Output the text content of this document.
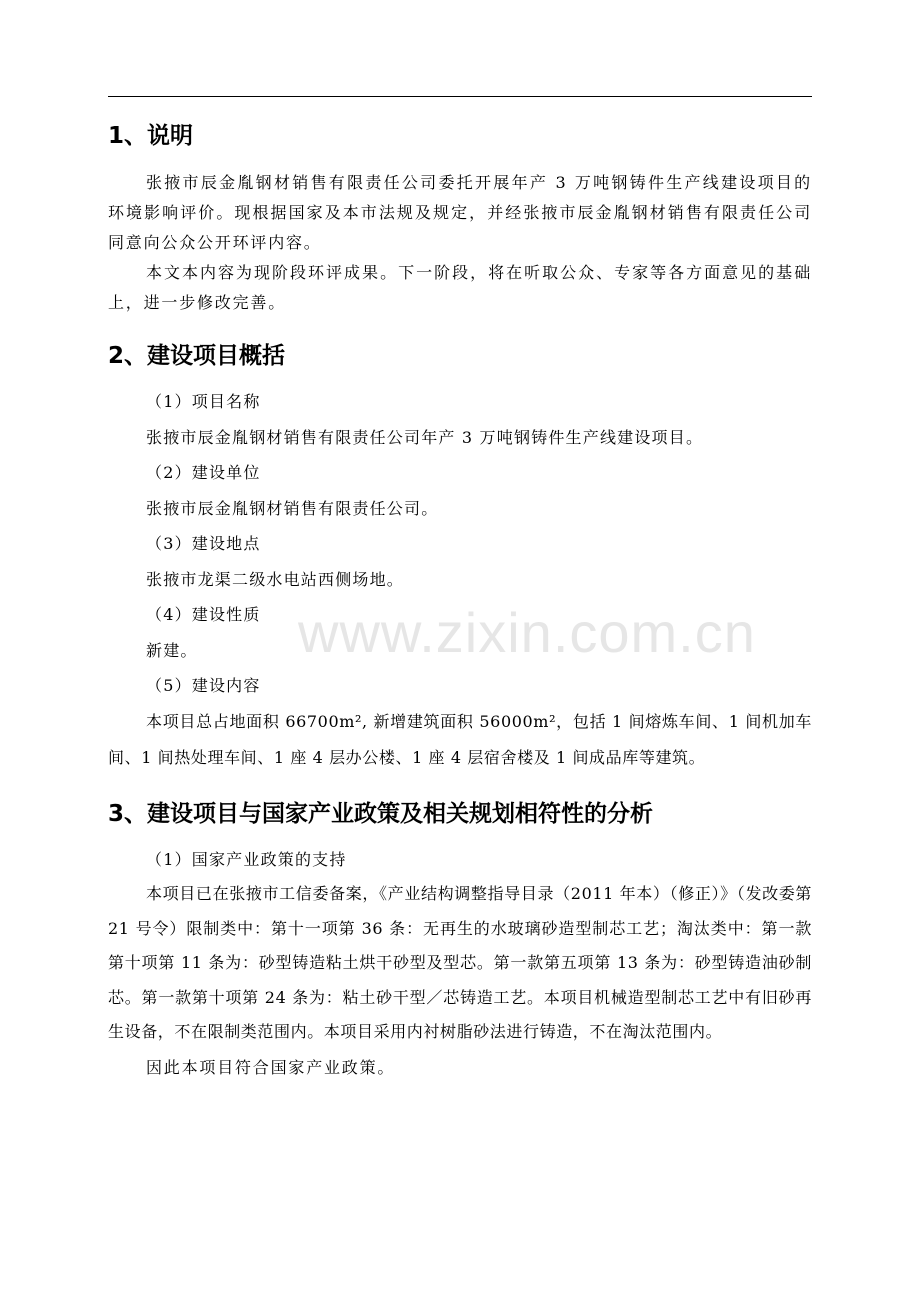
www.zixin.com.cn
1、说明

张掖市辰金胤钢材销售有限责任公司委托开展年产 3 万吨钢铸件生产线建设项目的环境影响评价。现根据国家及本市法规及规定，并经张掖市辰金胤钢材销售有限责任公司同意向公众公开环评内容。

本文本内容为现阶段环评成果。下一阶段，将在听取公众、专家等各方面意见的基础上，进一步修改完善。

2、建设项目概括

（1）项目名称

张掖市辰金胤钢材销售有限责任公司年产 3 万吨钢铸件生产线建设项目。

（2）建设单位

张掖市辰金胤钢材销售有限责任公司。

（3）建设地点

张掖市龙渠二级水电站西侧场地。

（4）建设性质

新建。

（5）建设内容

本项目总占地面积 66700m², 新增建筑面积 56000m²，包括 1 间熔炼车间、1 间机加车间、1 间热处理车间、1 座 4 层办公楼、1 座 4 层宿舍楼及 1 间成品库等建筑。

3、建设项目与国家产业政策及相关规划相符性的分析

（1）国家产业政策的支持

本项目已在张掖市工信委备案，《产业结构调整指导目录（2011 年本）（修正）》（发改委第 21 号令）限制类中：第十一项第 36 条：无再生的水玻璃砂造型制芯工艺；淘汰类中：第一款第十项第 11 条为：砂型铸造粘土烘干砂型及型芯。第一款第五项第 13 条为：砂型铸造油砂制芯。第一款第十项第 24 条为：粘土砂干型／芯铸造工艺。本项目机械造型制芯工艺中有旧砂再生设备，不在限制类范围内。本项目采用内衬树脂砂法进行铸造，不在淘汰范围内。

因此本项目符合国家产业政策。
